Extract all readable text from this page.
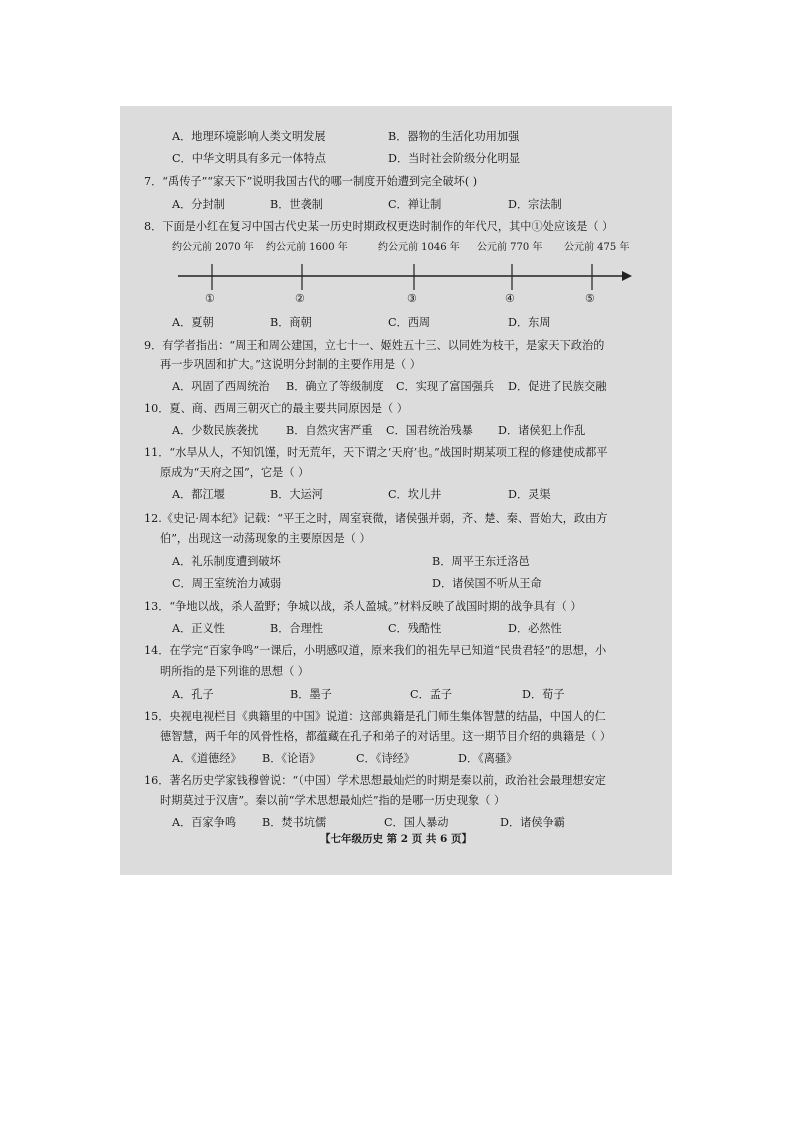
A．地理环境影响人类文明发展	B．器物的生活化功用加强
C．中华文明具有多元一体特点	D．当时社会阶级分化明显
7．“禹传子”“家天下”说明我国古代的哪一制度开始遭到完全破坏( )
A．分封制	B．世袭制	C．禅让制	D．宗法制
8．下面是小红在复习中国古代史某一历史时期政权更迭时制作的年代尺，其中①处应该是（ ）
约公元前 2070 年 约公元前 1600 年	约公元前 1046 年 公元前 770 年 公元前 475 年
①	②	③	④	⑤
A．夏朝	B．商朝	C．西周	D．东周
9．有学者指出：“周王和周公建国，立七十一、姬姓五十三、以同姓为枝干，是家天下政治的
再一步巩固和扩大。”这说明分封制的主要作用是（ ）
A．巩固了西周统治 B．确立了等级制度 C．实现了富国强兵 D．促进了民族交融
10．夏、商、西周三朝灭亡的最主要共同原因是（ ）
A．少数民族袭扰 B．自然灾害严重 C．国君统治残暴 D．诸侯犯上作乱
11．“水旱从人，不知饥馑，时无荒年，天下谓之‘天府’也。”战国时期某项工程的修建使成都平
原成为“天府之国”，它是（ ）
A．都江堰	B．大运河	C．坎儿井	D．灵渠
12.《史记·周本纪》记载：“平王之时，周室衰微，诸侯强并弱，齐、楚、秦、晋始大，政由方
伯”，出现这一动荡现象的主要原因是（ ）
A．礼乐制度遭到破坏	B．周平王东迁洛邑
C．周王室统治力减弱	D．诸侯国不听从王命
13．“争地以战，杀人盈野；争城以战，杀人盈城。”材料反映了战国时期的战争具有（ ）
A．正义性	B．合理性	C．残酷性	D．必然性
14．在学完“百家争鸣”一课后，小明感叹道，原来我们的祖先早已知道“民贵君轻”的思想，小
明所指的是下列谁的思想（ ）
A．孔子	B．墨子	C．孟子	D．荀子
15．央视电视栏目《典籍里的中国》说道：这部典籍是孔门师生集体智慧的结晶，中国人的仁
德智慧，两千年的风骨性格，都蕴藏在孔子和弟子的对话里。这一期节目介绍的典籍是（ ）
A．《道德经》 B．《论语》	C．《诗经》	D．《离骚》
16．著名历史学家钱穆曾说：“（中国）学术思想最灿烂的时期是秦以前，政治社会最理想安定
时期莫过于汉唐”。秦以前“学术思想最灿烂”指的是哪一历史现象（ ）
A．百家争鸣 B．焚书坑儒	C．国人暴动	D．诸侯争霸
【七年级历史 第 2 页 共 6 页】
